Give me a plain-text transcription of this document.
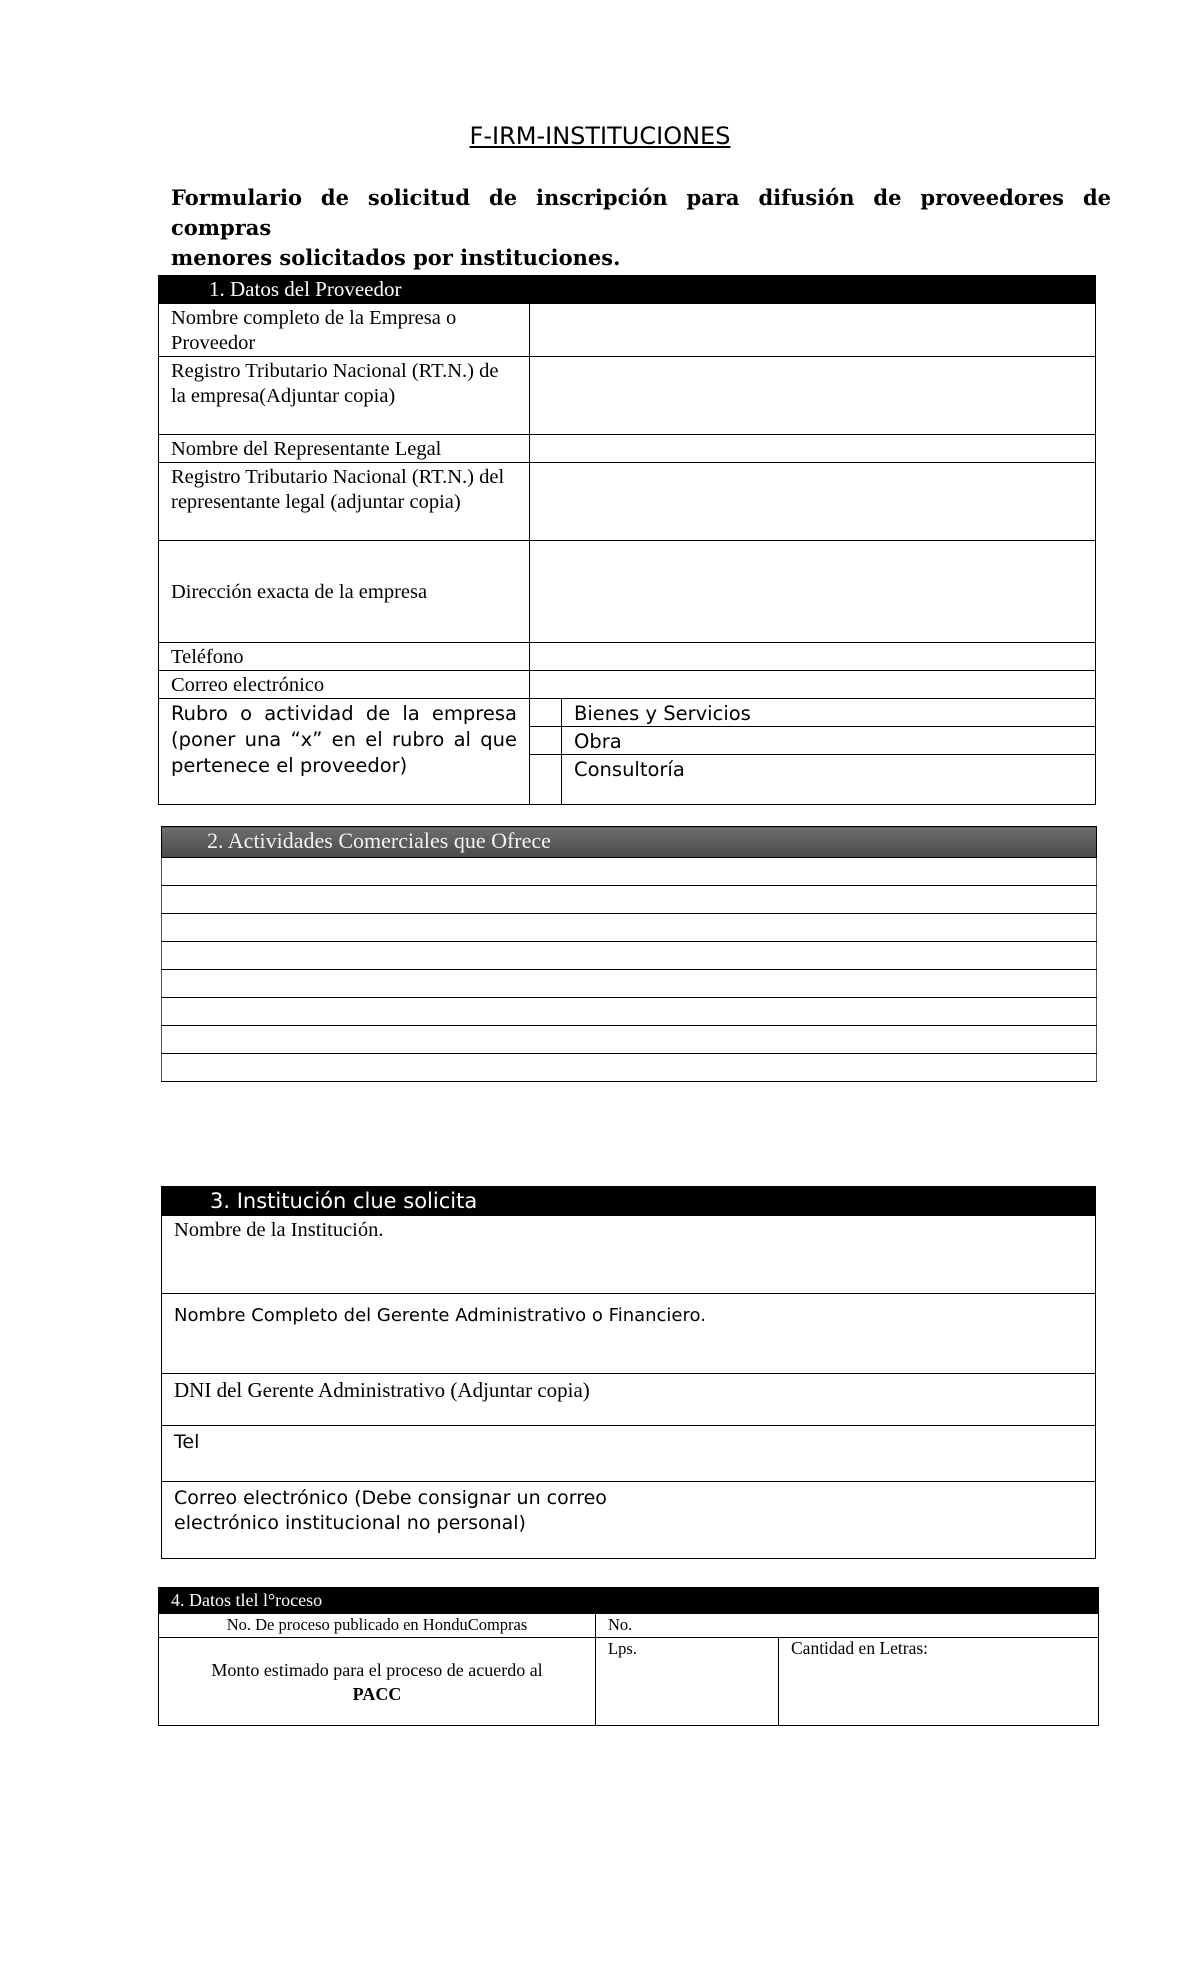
F-IRM-INSTITUCIONES
Formulario de solicitud de inscripción para difusión de proveedores de compras
menores solicitados por instituciones.
1. Datos del Proveedor		
Nombre completo de la Empresa o Proveedor		
Registro Tributario Nacional (RT.N.) de la empresa(Adjuntar copia)		
Nombre del Representante Legal		
Registro Tributario Nacional (RT.N.) del representante legal (adjuntar copia)		
Dirección exacta de la empresa		
Teléfono		
Correo electrónico		
Rubro o actividad de la empresa (poner una “x” en el rubro al que pertenece el proveedor)		Bienes y Servicios
		Obra
		Consultoría
2. Actividades Comerciales que Ofrece

3. Institución clue solicita
Nombre de la Institución.
Nombre Completo del Gerente Administrativo o Financiero.
DNI del Gerente Administrativo (Adjuntar copia)
Tel
Correo electrónico (Debe consignar un correo electrónico institucional no personal)
4. Datos tlel l°roceso		
No. De proceso publicado en HonduCompras	No.	
Monto estimado para el proceso de acuerdo al
PACC	Lps.	Cantidad en Letras:
